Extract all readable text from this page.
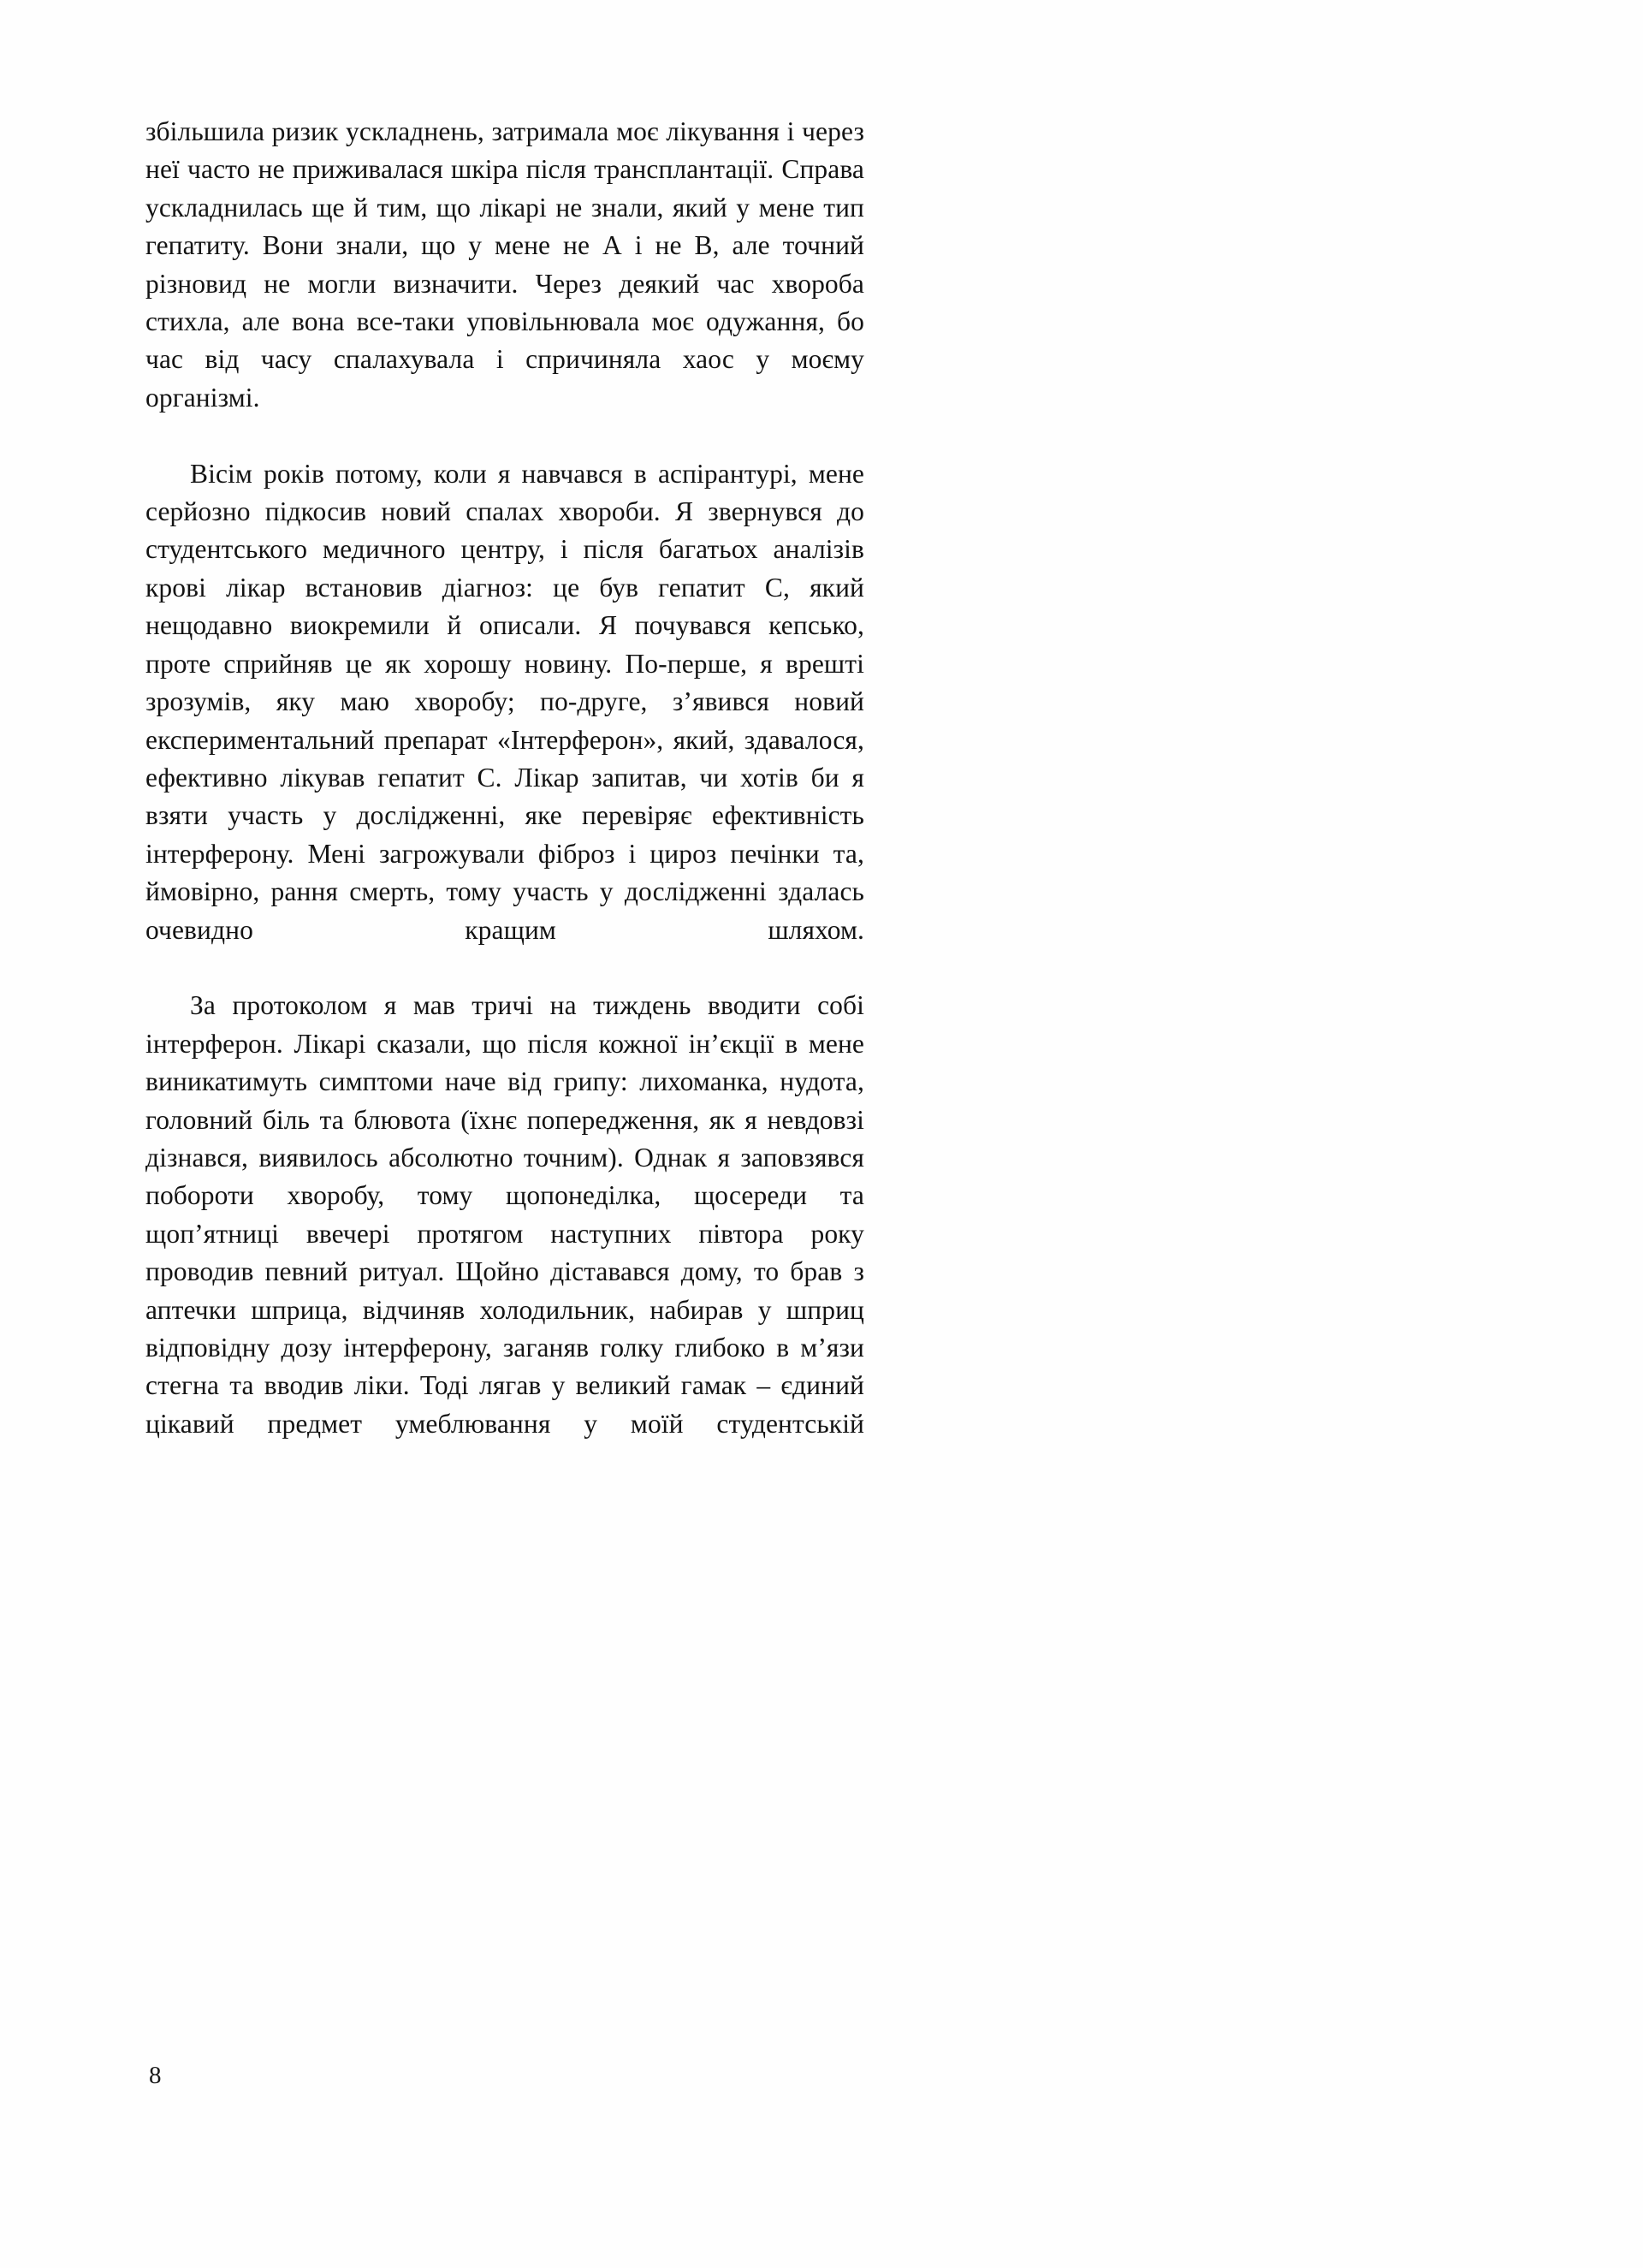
збільшила ризик ускладнень, затримала моє лікування і через неї часто не приживалася шкіра після трансплантації. Справа ускладнилась ще й тим, що лікарі не знали, який у мене тип гепатиту. Вони знали, що у мене не А і не В, але точний різновид не могли визначити. Через деякий час хвороба стихла, але вона все-таки уповільнювала моє одужання, бо час від часу спалахувала і спричиняла хаос у моєму організмі.

Вісім років потому, коли я навчався в аспірантурі, мене серйозно підкосив новий спалах хвороби. Я звернувся до студентського медичного центру, і після багатьох аналізів крові лікар встановив діагноз: це був гепатит С, який нещодавно виокремили й описали. Я почувався кепсько, проте сприйняв це як хорошу новину. По-перше, я врешті зрозумів, яку маю хворобу; по-друге, з’явився новий експериментальний препарат «Інтерферон», який, здавалося, ефективно лікував гепатит С. Лікар запитав, чи хотів би я взяти участь у дослідженні, яке перевіряє ефективність інтерферону. Мені загрожували фіброз і цироз печінки та, ймовірно, рання смерть, тому участь у дослідженні здалась очевидно кращим шляхом.

За протоколом я мав тричі на тиждень вводити собі інтерферон. Лікарі сказали, що після кожної ін’єкції в мене виникатимуть симптоми наче від грипу: лихоманка, нудота, головний біль та блювота (їхнє попередження, як я невдовзі дізнався, виявилось абсолютно точним). Однак я заповзявся побороти хворобу, тому щопонеділка, щосереди та щоп’ятниці ввечері протягом наступних півтора року проводив певний ритуал. Щойно діставався дому, то брав з аптечки шприца, відчиняв холодильник, набирав у шприц відповідну дозу інтерферону, заганяв голку глибоко в м’язи стегна та вводив ліки. Тоді лягав у великий гамак – єдиний цікавий предмет умеблювання у моїй студентській

8
